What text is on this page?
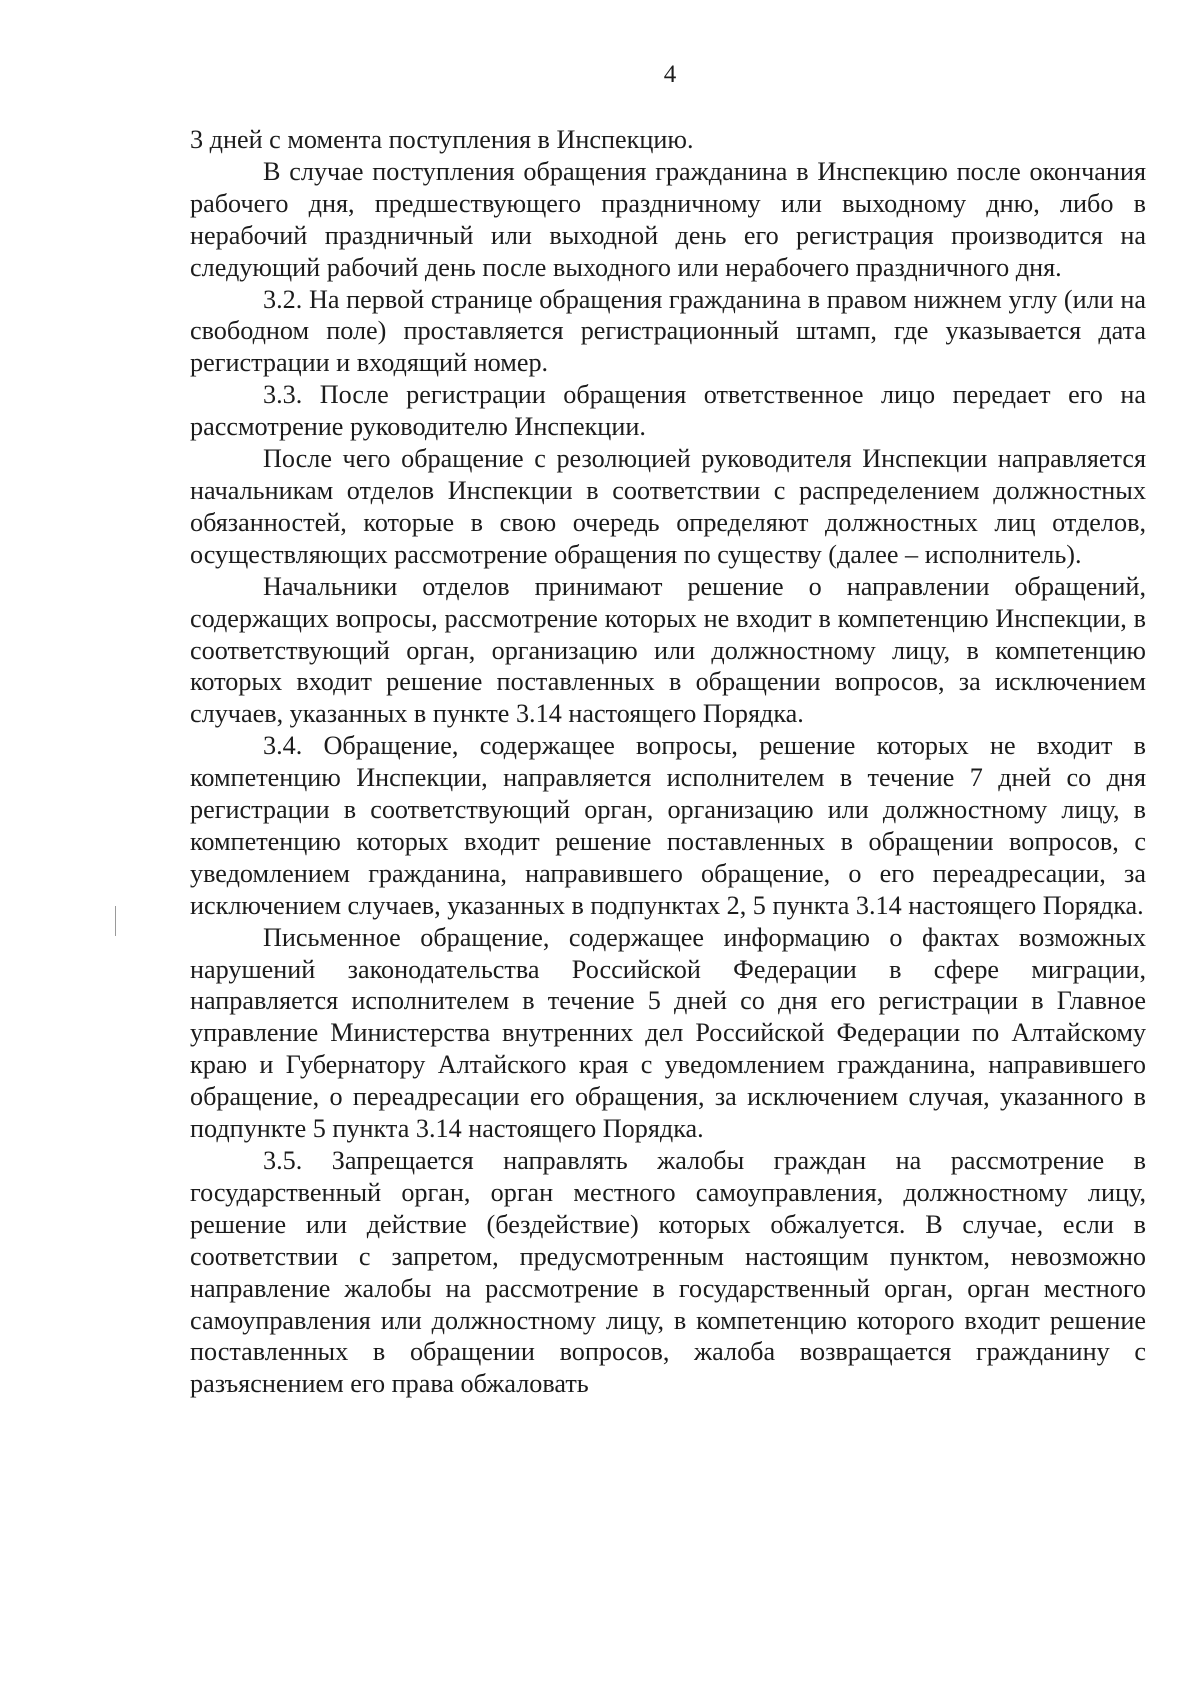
4

3 дней с момента поступления в Инспекцию.

В случае поступления обращения гражданина в Инспекцию после окончания рабочего дня, предшествующего праздничному или выходному дню, либо в нерабочий праздничный или выходной день его регистрация производится на следующий рабочий день после выходного или нерабочего праздничного дня.

3.2. На первой странице обращения гражданина в правом нижнем углу (или на свободном поле) проставляется регистрационный штамп, где указывается дата регистрации и входящий номер.

3.3. После регистрации обращения ответственное лицо передает его на рассмотрение руководителю Инспекции.

После чего обращение с резолюцией руководителя Инспекции направляется начальникам отделов Инспекции в соответствии с распределением должностных обязанностей, которые в свою очередь определяют должностных лиц отделов, осуществляющих рассмотрение обращения по существу (далее – исполнитель).

Начальники отделов принимают решение о направлении обращений, содержащих вопросы, рассмотрение которых не входит в компетенцию Инспекции, в соответствующий орган, организацию или должностному лицу, в компетенцию которых входит решение поставленных в обращении вопросов, за исключением случаев, указанных в пункте 3.14 настоящего Порядка.

3.4. Обращение, содержащее вопросы, решение которых не входит в компетенцию Инспекции, направляется исполнителем в течение 7 дней со дня регистрации в соответствующий орган, организацию или должностному лицу, в компетенцию которых входит решение поставленных в обращении вопросов, с уведомлением гражданина, направившего обращение, о его переадресации, за исключением случаев, указанных в подпунктах 2, 5 пункта 3.14 настоящего Порядка.

Письменное обращение, содержащее информацию о фактах возможных нарушений законодательства Российской Федерации в сфере миграции, направляется исполнителем в течение 5 дней со дня его регистрации в Главное управление Министерства внутренних дел Российской Федерации по Алтайскому краю и Губернатору Алтайского края с уведомлением гражданина, направившего обращение, о переадресации его обращения, за исключением случая, указанного в подпункте 5 пункта 3.14 настоящего Порядка.

3.5. Запрещается направлять жалобы граждан на рассмотрение в государственный орган, орган местного самоуправления, должностному лицу, решение или действие (бездействие) которых обжалуется. В случае, если в соответствии с запретом, предусмотренным настоящим пунктом, невозможно направление жалобы на рассмотрение в государственный орган, орган местного самоуправления или должностному лицу, в компетенцию которого входит решение поставленных в обращении вопросов, жалоба возвращается гражданину с разъяснением его права обжаловать
